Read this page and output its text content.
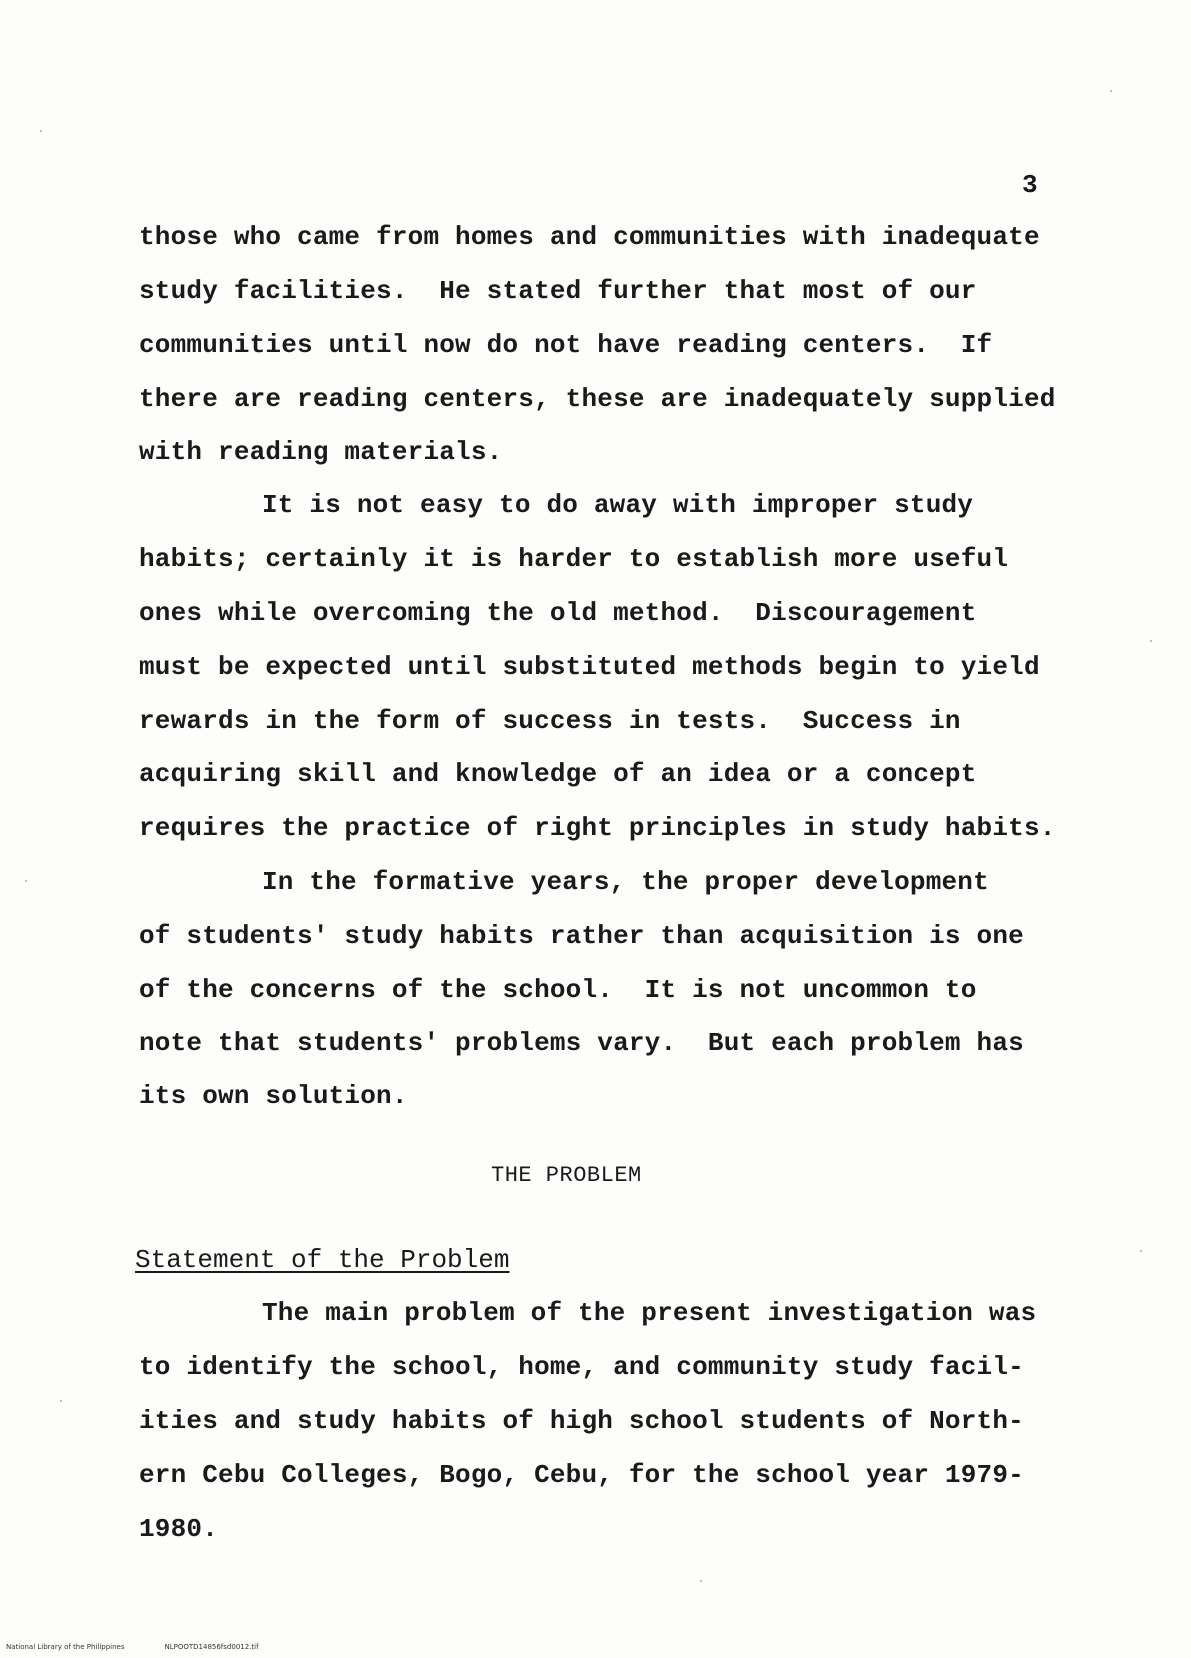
3
those who came from homes and communities with inadequate
study facilities.  He stated further that most of our
communities until now do not have reading centers.  If
there are reading centers, these are inadequately supplied
with reading materials.
It is not easy to do away with improper study
habits; certainly it is harder to establish more useful
ones while overcoming the old method.  Discouragement
must be expected until substituted methods begin to yield
rewards in the form of success in tests.  Success in
acquiring skill and knowledge of an idea or a concept
requires the practice of right principles in study habits.
In the formative years, the proper development
of students' study habits rather than acquisition is one
of the concerns of the school.  It is not uncommon to
note that students' problems vary.  But each problem has
its own solution.
THE PROBLEM
Statement of the Problem
The main problem of the present investigation was
to identify the school, home, and community study facil-
ities and study habits of high school students of North-
ern Cebu Colleges, Bogo, Cebu, for the school year 1979-
1980.
National Library of the Philippines	NLPOOTD14856fsd0012.tif
